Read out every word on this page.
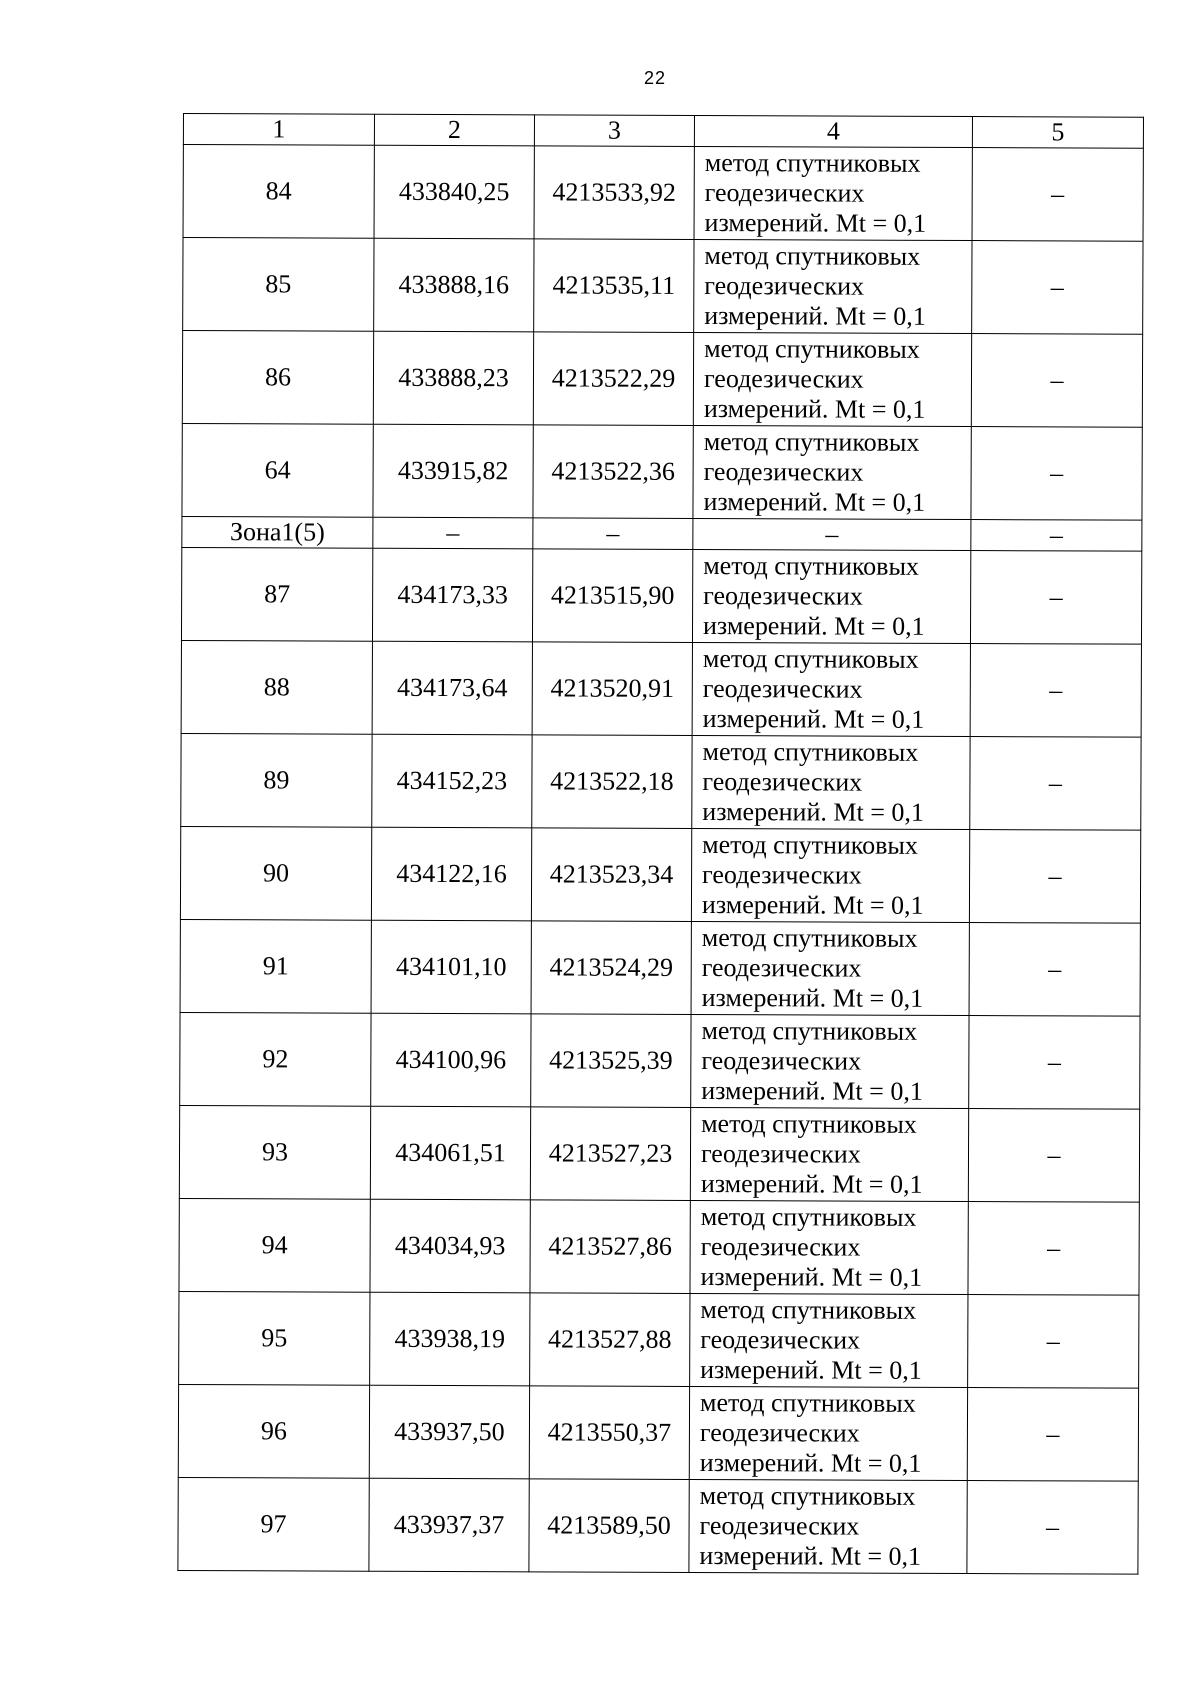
22
1	2	3	4	5
84	433840,25	4213533,92	метод спутниковых
геодезических
измерений. Mt = 0,1	–
85	433888,16	4213535,11	метод спутниковых
геодезических
измерений. Mt = 0,1	–
86	433888,23	4213522,29	метод спутниковых
геодезических
измерений. Mt = 0,1	–
64	433915,82	4213522,36	метод спутниковых
геодезических
измерений. Mt = 0,1	–
Зона1(5)	–	–	–	–
87	434173,33	4213515,90	метод спутниковых
геодезических
измерений. Mt = 0,1	–
88	434173,64	4213520,91	метод спутниковых
геодезических
измерений. Mt = 0,1	–
89	434152,23	4213522,18	метод спутниковых
геодезических
измерений. Mt = 0,1	–
90	434122,16	4213523,34	метод спутниковых
геодезических
измерений. Mt = 0,1	–
91	434101,10	4213524,29	метод спутниковых
геодезических
измерений. Mt = 0,1	–
92	434100,96	4213525,39	метод спутниковых
геодезических
измерений. Mt = 0,1	–
93	434061,51	4213527,23	метод спутниковых
геодезических
измерений. Mt = 0,1	–
94	434034,93	4213527,86	метод спутниковых
геодезических
измерений. Mt = 0,1	–
95	433938,19	4213527,88	метод спутниковых
геодезических
измерений. Mt = 0,1	–
96	433937,50	4213550,37	метод спутниковых
геодезических
измерений. Mt = 0,1	–
97	433937,37	4213589,50	метод спутниковых
геодезических
измерений. Mt = 0,1	–
